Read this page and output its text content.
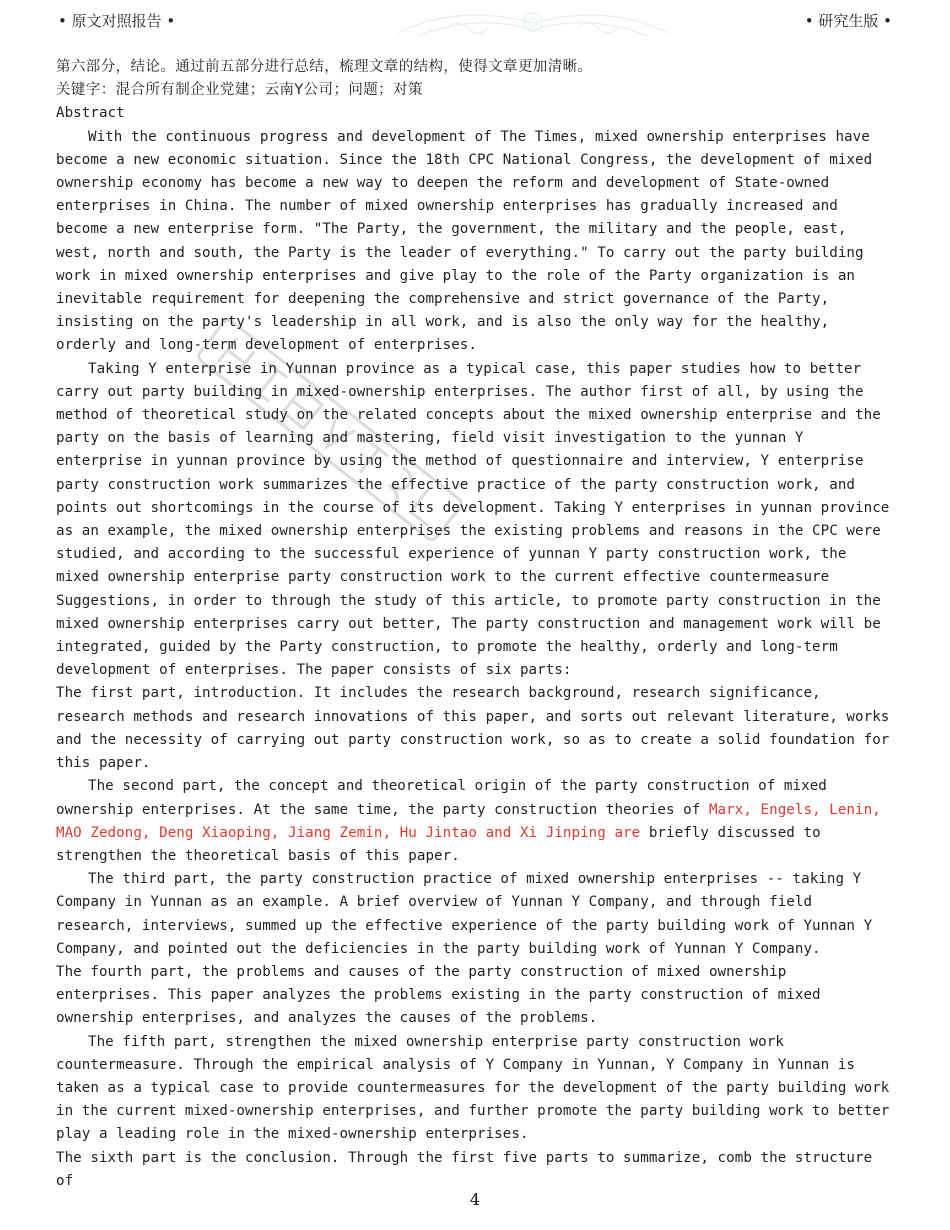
• 原文对照报告 •	• 研究生版 •

第六部分，结论。通过前五部分进行总结，梳理文章的结构，使得文章更加清晰。

关键字：混合所有制企业党建；云南Y公司；问题；对策

Abstract

With the continuous progress and development of The Times, mixed ownership enterprises have become a new economic situation. Since the 18th CPC National Congress, the development of mixed ownership economy has become a new way to deepen the reform and development of State-owned enterprises in China. The number of mixed ownership enterprises has gradually increased and become a new enterprise form. "The Party, the government, the military and the people, east, west, north and south, the Party is the leader of everything." To carry out the party building work in mixed ownership enterprises and give play to the role of the Party organization is an inevitable requirement for deepening the comprehensive and strict governance of the Party, insisting on the party's leadership in all work, and is also the only way for the healthy, orderly and long-term development of enterprises.

Taking Y enterprise in Yunnan province as a typical case, this paper studies how to better carry out party building in mixed-ownership enterprises. The author first of all, by using the method of theoretical study on the related concepts about the mixed ownership enterprise and the party on the basis of learning and mastering, field visit investigation to the yunnan Y enterprise in yunnan province by using the method of questionnaire and interview, Y enterprise party construction work summarizes the effective practice of the party construction work, and points out shortcomings in the course of its development. Taking Y enterprises in yunnan province as an example, the mixed ownership enterprises the existing problems and reasons in the CPC were studied, and according to the successful experience of yunnan Y party construction work, the mixed ownership enterprise party construction work to the current effective countermeasure Suggestions, in order to through the study of this article, to promote party construction in the mixed ownership enterprises carry out better, The party construction and management work will be integrated, guided by the Party construction, to promote the healthy, orderly and long-term development of enterprises. The paper consists of six parts:

The first part, introduction. It includes the research background, research significance, research methods and research innovations of this paper, and sorts out relevant literature, works and the necessity of carrying out party construction work, so as to create a solid foundation for this paper.

The second part, the concept and theoretical origin of the party construction of mixed ownership enterprises. At the same time, the party construction theories of Marx, Engels, Lenin, MAO Zedong, Deng Xiaoping, Jiang Zemin, Hu Jintao and Xi Jinping are briefly discussed to strengthen the theoretical basis of this paper.

The third part, the party construction practice of mixed ownership enterprises -- taking Y Company in Yunnan as an example. A brief overview of Yunnan Y Company, and through field research, interviews, summed up the effective experience of the party building work of Yunnan Y Company, and pointed out the deficiencies in the party building work of Yunnan Y Company.

The fourth part, the problems and causes of the party construction of mixed ownership enterprises. This paper analyzes the problems existing in the party construction of mixed ownership enterprises, and analyzes the causes of the problems.

The fifth part, strengthen the mixed ownership enterprise party construction work countermeasure. Through the empirical analysis of Y Company in Yunnan, Y Company in Yunnan is taken as a typical case to provide countermeasures for the development of the party building work in the current mixed-ownership enterprises, and further promote the party building work to better play a leading role in the mixed-ownership enterprises.

The sixth part is the conclusion. Through the first five parts to summarize, comb the structure of

4
